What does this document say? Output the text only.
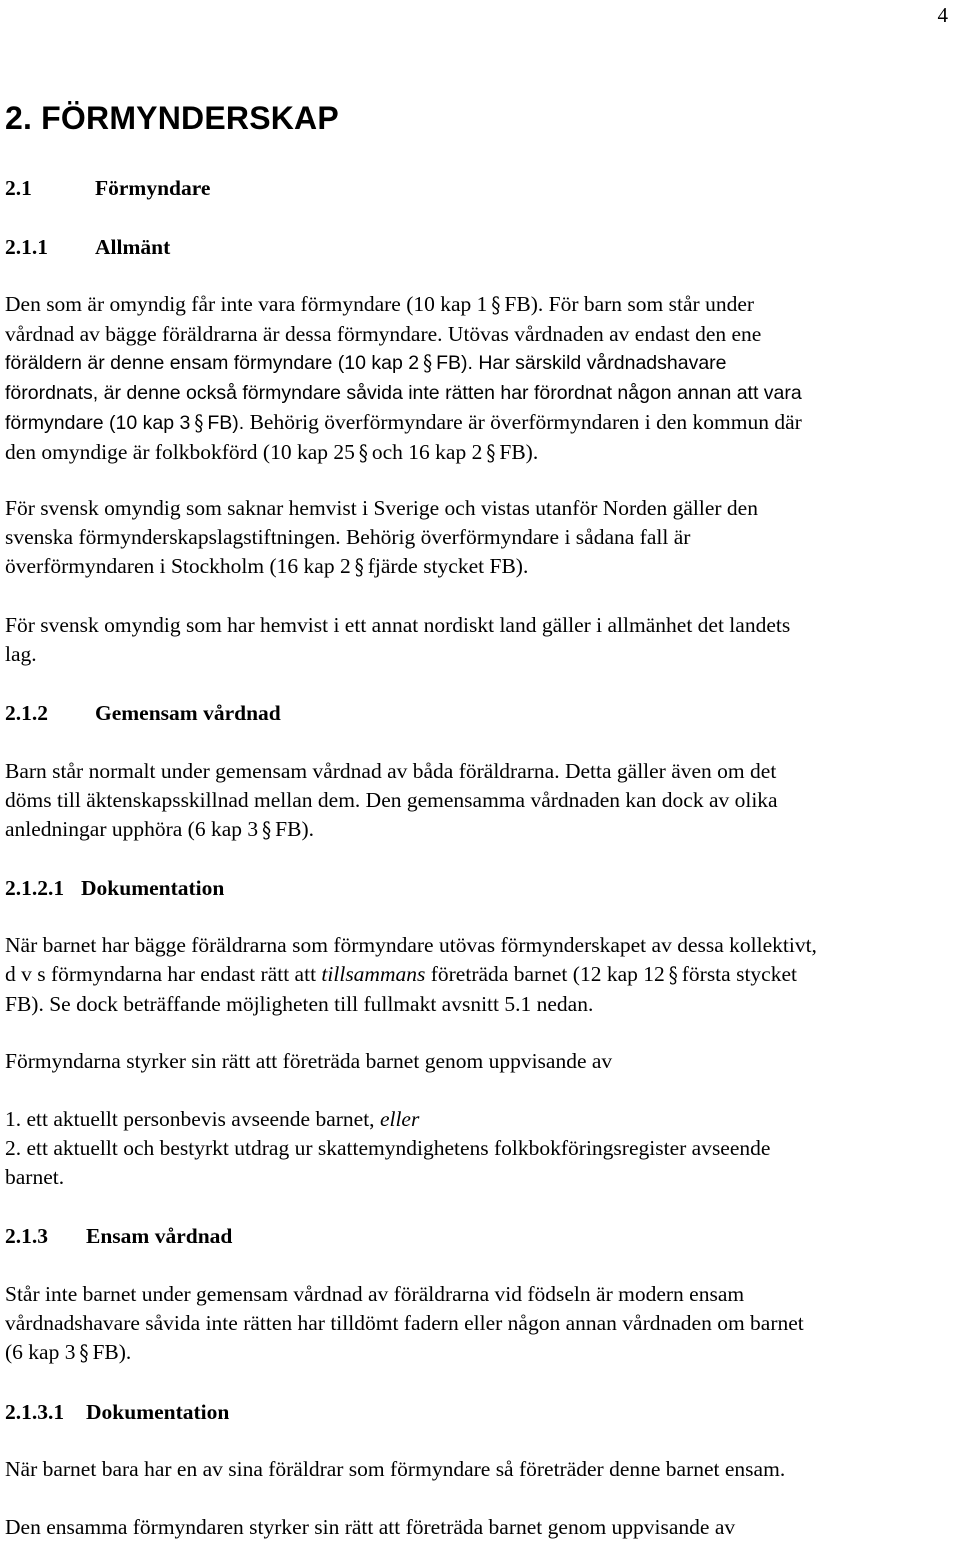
4
2. FÖRMYNDERSKAP
2.1	Förmyndare
2.1.1 Allmänt
Den som är omyndig får inte vara förmyndare (10 kap 1 § FB). För barn som står under
vårdnad av bägge föräldrarna är dessa förmyndare. Utövas vårdnaden av endast den ene
föräldern är denne ensam förmyndare (10 kap 2 § FB). Har särskild vårdnadshavare
förordnats, är denne också förmyndare såvida inte rätten har förordnat någon annan att vara
förmyndare (10 kap 3 § FB). Behörig överförmyndare är överförmyndaren i den kommun där
den omyndige är folkbokförd (10 kap 25 § och 16 kap 2 § FB).
För svensk omyndig som saknar hemvist i Sverige och vistas utanför Norden gäller den
svenska förmynderskapslagstiftningen. Behörig överförmyndare i sådana fall är
överförmyndaren i Stockholm (16 kap 2 § fjärde stycket FB).
För svensk omyndig som har hemvist i ett annat nordiskt land gäller i allmänhet det landets
lag.
2.1.2 Gemensam vårdnad
Barn står normalt under gemensam vårdnad av båda föräldrarna. Detta gäller även om det
döms till äktenskapsskillnad mellan dem. Den gemensamma vårdnaden kan dock av olika
anledningar upphöra (6 kap 3 § FB).
2.1.2.1 Dokumentation
När barnet har bägge föräldrarna som förmyndare utövas förmynderskapet av dessa kollektivt,
d v s förmyndarna har endast rätt att tillsammans företräda barnet (12 kap 12 § första stycket
FB). Se dock beträffande möjligheten till fullmakt avsnitt 5.1 nedan.
Förmyndarna styrker sin rätt att företräda barnet genom uppvisande av
1. ett aktuellt personbevis avseende barnet, eller
2. ett aktuellt och bestyrkt utdrag ur skattemyndighetens folkbokföringsregister avseende
barnet.
2.1.3 Ensam vårdnad
Står inte barnet under gemensam vårdnad av föräldrarna vid födseln är modern ensam
vårdnadshavare såvida inte rätten har tilldömt fadern eller någon annan vårdnaden om barnet
(6 kap 3 § FB).
2.1.3.1 Dokumentation
När barnet bara har en av sina föräldrar som förmyndare så företräder denne barnet ensam.
Den ensamma förmyndaren styrker sin rätt att företräda barnet genom uppvisande av
